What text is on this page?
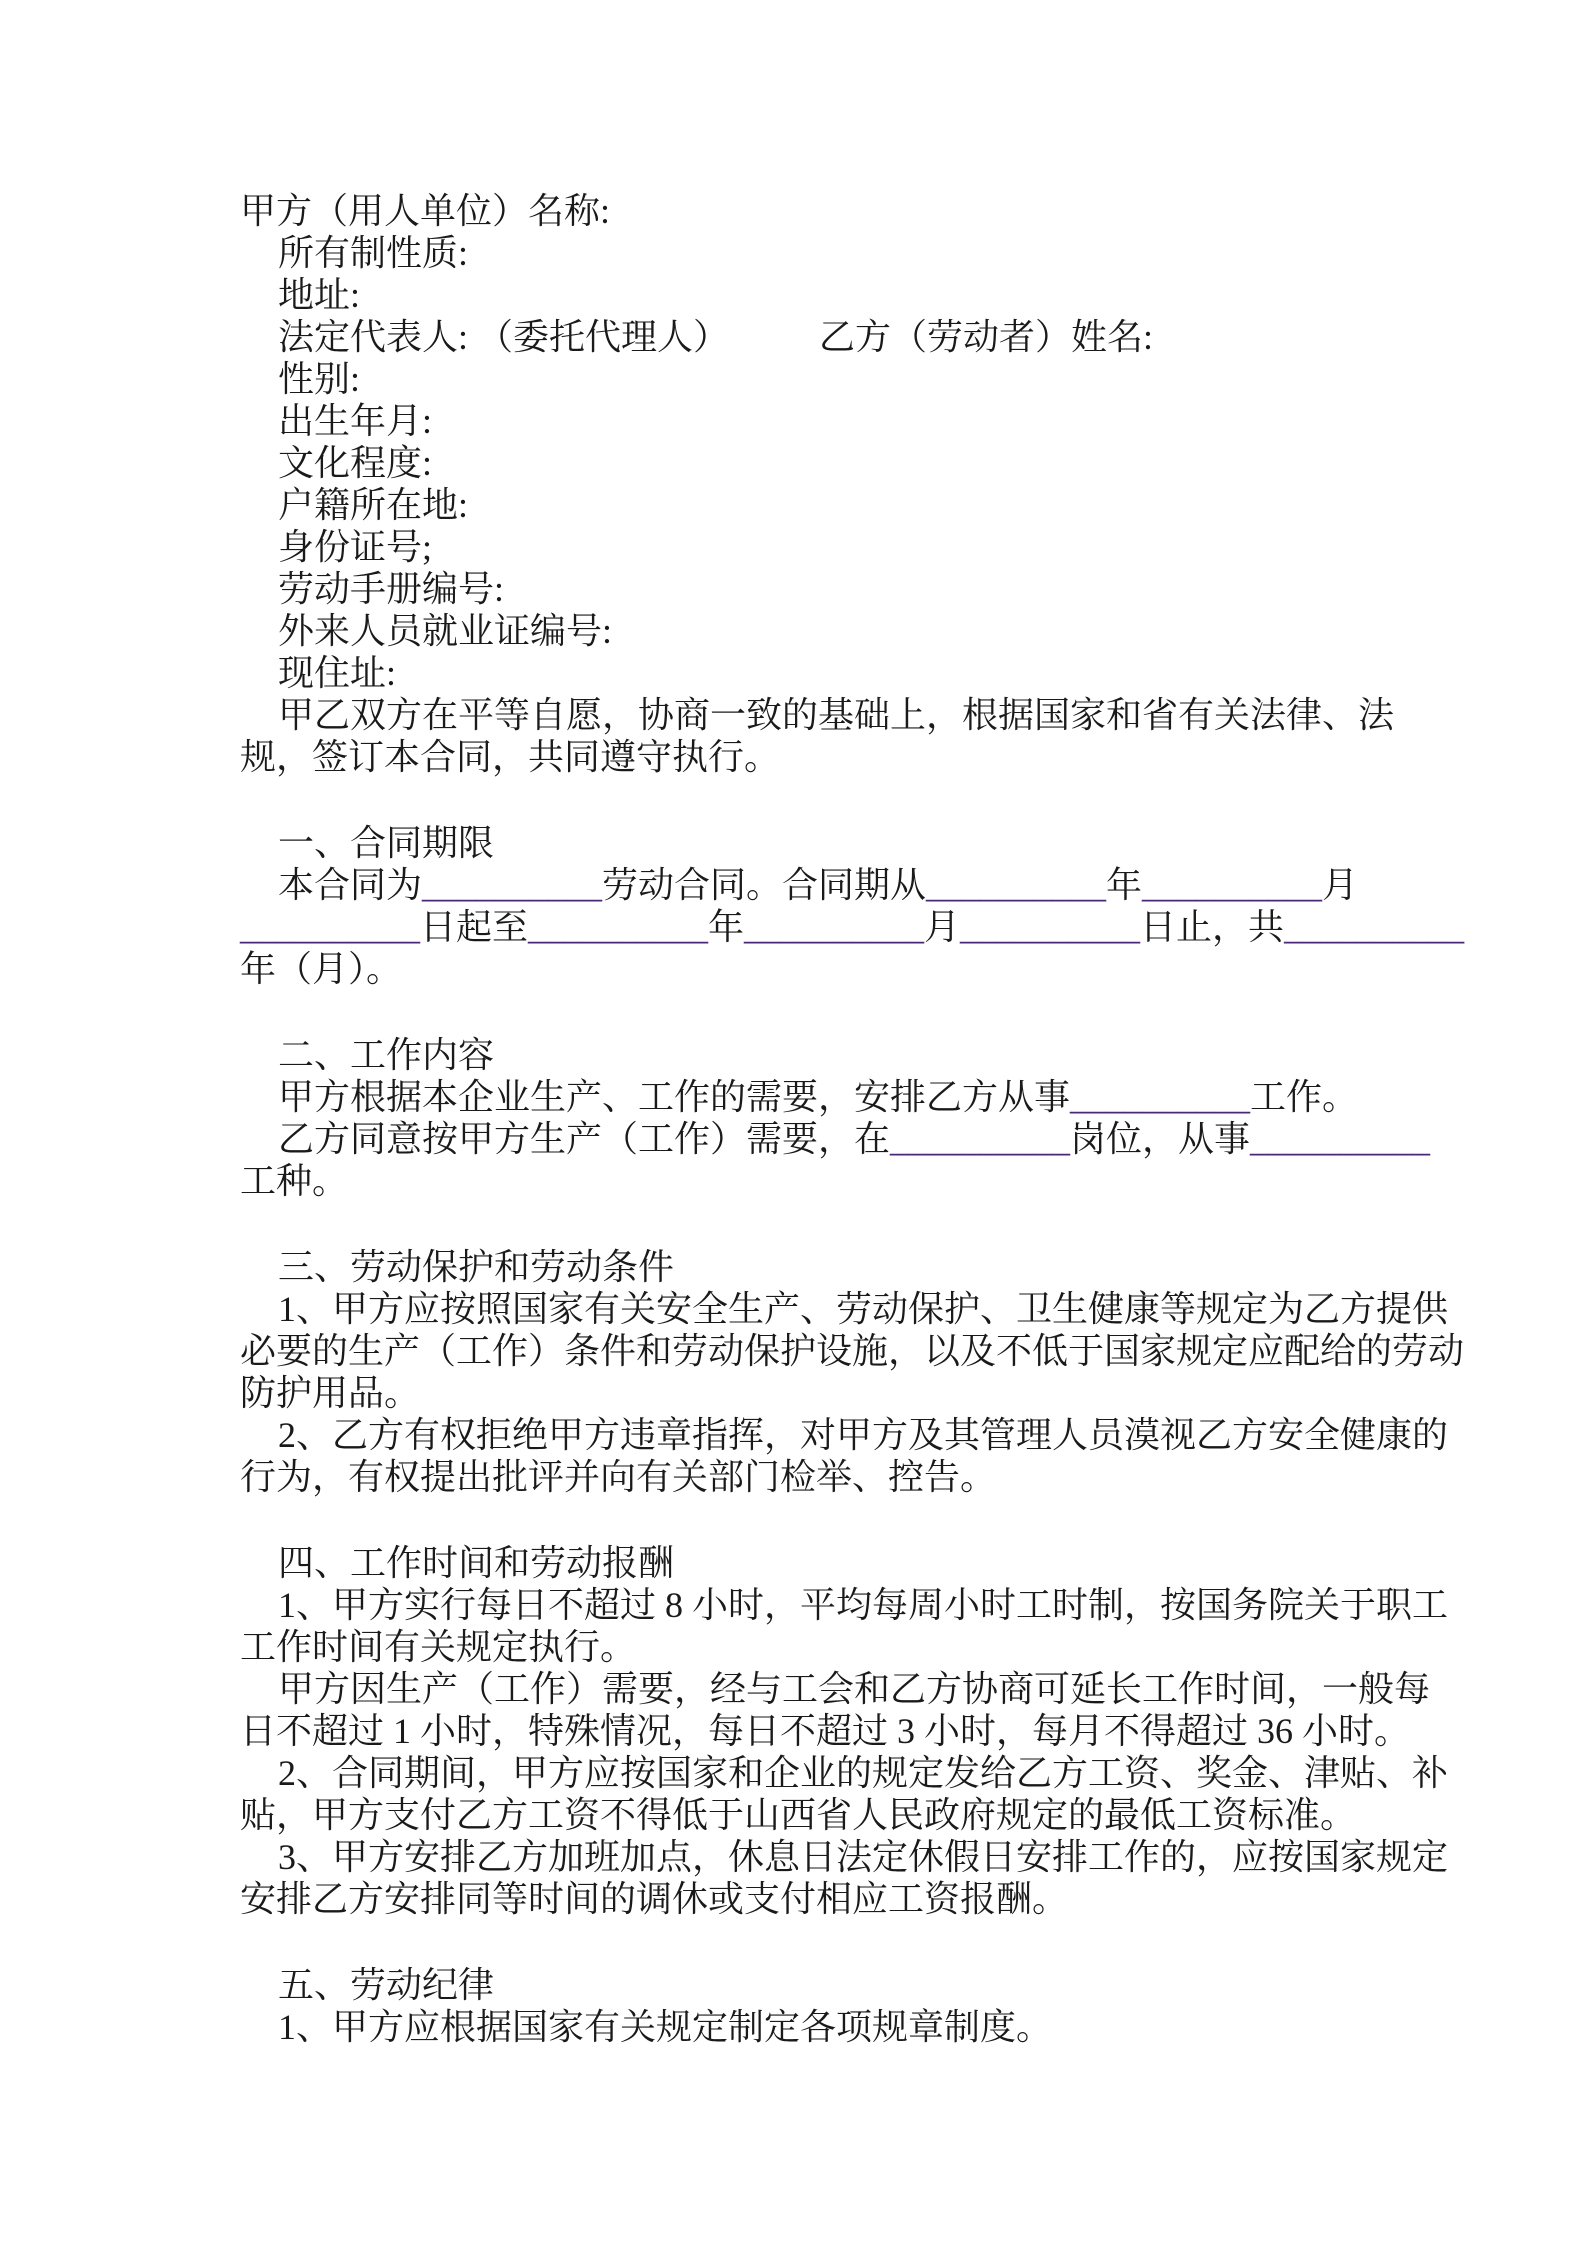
甲方（用人单位）名称:
所有制性质:
地址:
法定代表人: （委托代理人）　　　乙方（劳动者）姓名:
性别:
出生年月:
文化程度:
户籍所在地:
身份证号;
劳动手册编号:
外来人员就业证编号:
现住址:
甲乙双方在平等自愿，协商一致的基础上，根据国家和省有关法律、法
规，签订本合同，共同遵守执行。
一、合同期限
本合同为__________劳动合同。合同期从__________年__________月
__________日起至__________年__________月__________日止，共__________
年（月）。
二、工作内容
甲方根据本企业生产、工作的需要，安排乙方从事__________工作。
乙方同意按甲方生产（工作）需要，在__________岗位，从事__________
工种。
三、劳动保护和劳动条件
1、甲方应按照国家有关安全生产、劳动保护、卫生健康等规定为乙方提供
必要的生产（工作）条件和劳动保护设施，以及不低于国家规定应配给的劳动
防护用品。
2、乙方有权拒绝甲方违章指挥，对甲方及其管理人员漠视乙方安全健康的
行为，有权提出批评并向有关部门检举、控告。
四、工作时间和劳动报酬
1、甲方实行每日不超过 8 小时，平均每周小时工时制，按国务院关于职工
工作时间有关规定执行。
甲方因生产（工作）需要，经与工会和乙方协商可延长工作时间，一般每
日不超过 1 小时，特殊情况，每日不超过 3 小时，每月不得超过 36 小时。
2、合同期间，甲方应按国家和企业的规定发给乙方工资、奖金、津贴、补
贴，甲方支付乙方工资不得低于山西省人民政府规定的最低工资标准。
3、甲方安排乙方加班加点，休息日法定休假日安排工作的，应按国家规定
安排乙方安排同等时间的调休或支付相应工资报酬。
五、劳动纪律
1、甲方应根据国家有关规定制定各项规章制度。
